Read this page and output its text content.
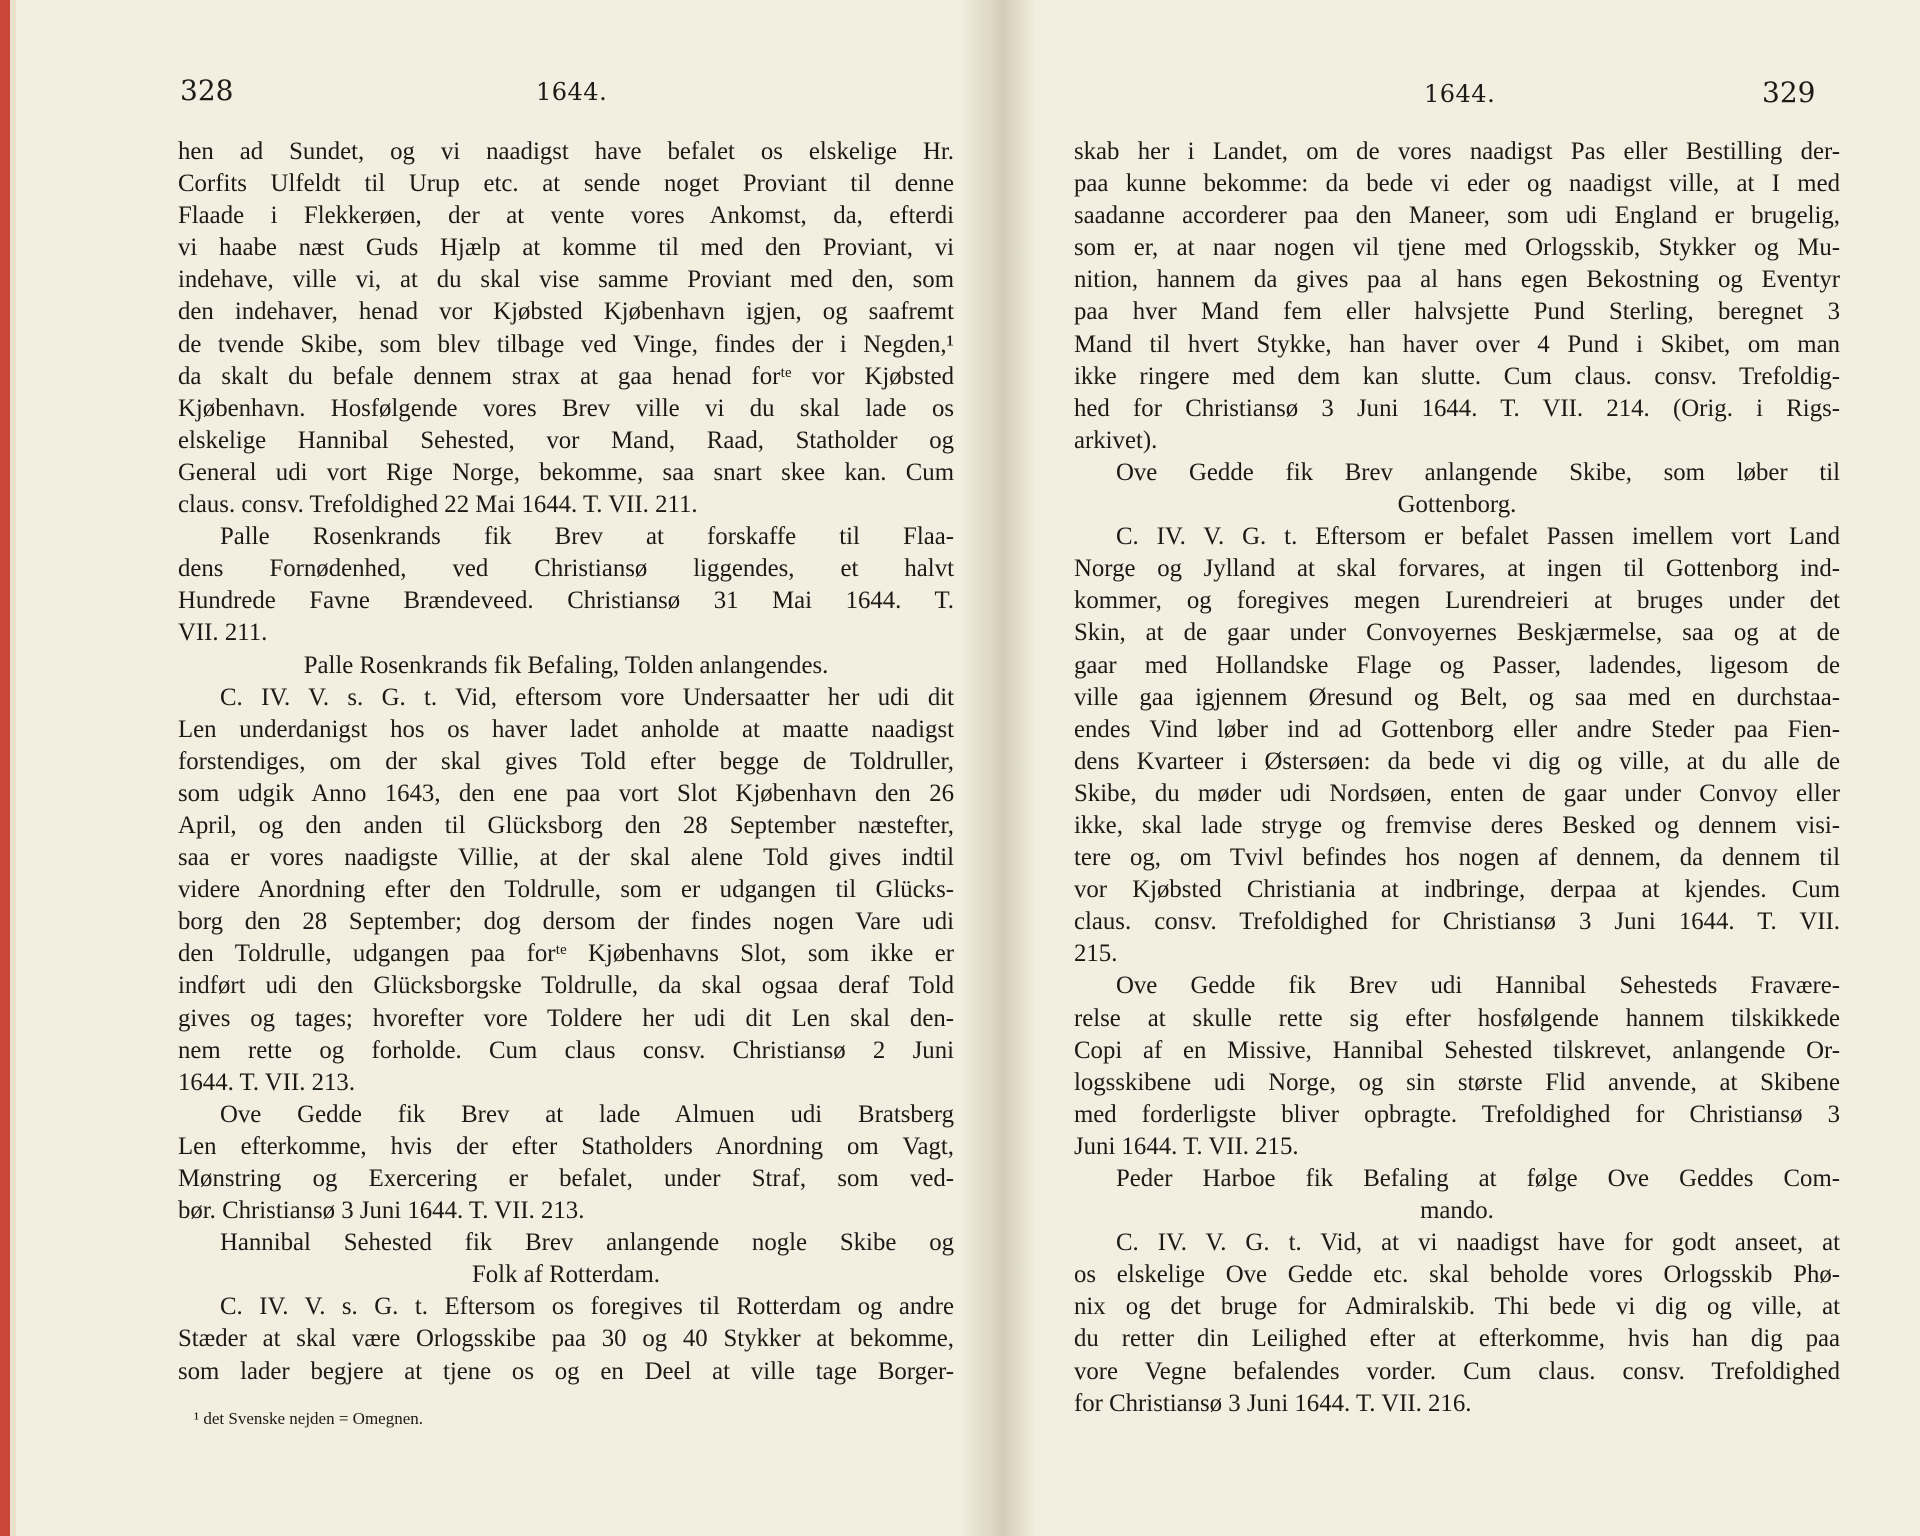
328	1644.
hen ad Sundet, og vi naadigst have befalet os elskelige Hr.
Corfits Ulfeldt til Urup etc. at sende noget Proviant til denne
Flaade i Flekkerøen, der at vente vores Ankomst, da, efterdi
vi haabe næst Guds Hjælp at komme til med den Proviant, vi
indehave, ville vi, at du skal vise samme Proviant med den, som
den indehaver, henad vor Kjøbsted Kjøbenhavn igjen, og saafremt
de tvende Skibe, som blev tilbage ved Vinge, findes der i Negden,¹
da skalt du befale dennem strax at gaa henad forᵗᵉ vor Kjøbsted
Kjøbenhavn. Hosfølgende vores Brev ville vi du skal lade os
elskelige Hannibal Sehested, vor Mand, Raad, Statholder og
General udi vort Rige Norge, bekomme, saa snart skee kan. Cum
claus. consv. Trefoldighed 22 Mai 1644. T. VII. 211.
Palle Rosenkrands fik Brev at forskaffe til Flaa-
dens Fornødenhed, ved Christiansø liggendes, et halvt
Hundrede Favne Brændeveed. Christiansø 31 Mai 1644. T.
VII. 211.
Palle Rosenkrands fik Befaling, Tolden anlangendes.
C. IV. V. s. G. t. Vid, eftersom vore Undersaatter her udi dit
Len underdanigst hos os haver ladet anholde at maatte naadigst
forstendiges, om der skal gives Told efter begge de Toldruller,
som udgik Anno 1643, den ene paa vort Slot Kjøbenhavn den 26
April, og den anden til Glücksborg den 28 September næstefter,
saa er vores naadigste Villie, at der skal alene Told gives indtil
videre Anordning efter den Toldrulle, som er udgangen til Glücks-
borg den 28 September; dog dersom der findes nogen Vare udi
den Toldrulle, udgangen paa forᵗᵉ Kjøbenhavns Slot, som ikke er
indført udi den Glücksborgske Toldrulle, da skal ogsaa deraf Told
gives og tages; hvorefter vore Toldere her udi dit Len skal den-
nem rette og forholde. Cum claus consv. Christiansø 2 Juni
1644. T. VII. 213.
Ove Gedde fik Brev at lade Almuen udi Bratsberg
Len efterkomme, hvis der efter Statholders Anordning om Vagt,
Mønstring og Exercering er befalet, under Straf, som ved-
bør. Christiansø 3 Juni 1644. T. VII. 213.
Hannibal Sehested fik Brev anlangende nogle Skibe og
Folk af Rotterdam.
C. IV. V. s. G. t. Eftersom os foregives til Rotterdam og andre
Stæder at skal være Orlogsskibe paa 30 og 40 Stykker at bekomme,
som lader begjere at tjene os og en Deel at ville tage Borger-
¹ det Svenske nejden = Omegnen.
1644.	329
skab her i Landet, om de vores naadigst Pas eller Bestilling der-
paa kunne bekomme: da bede vi eder og naadigst ville, at I med
saadanne accorderer paa den Maneer, som udi England er brugelig,
som er, at naar nogen vil tjene med Orlogsskib, Stykker og Mu-
nition, hannem da gives paa al hans egen Bekostning og Eventyr
paa hver Mand fem eller halvsjette Pund Sterling, beregnet 3
Mand til hvert Stykke, han haver over 4 Pund i Skibet, om man
ikke ringere med dem kan slutte. Cum claus. consv. Trefoldig-
hed for Christiansø 3 Juni 1644. T. VII. 214. (Orig. i Rigs-
arkivet).
Ove Gedde fik Brev anlangende Skibe, som løber til
Gottenborg.
C. IV. V. G. t. Eftersom er befalet Passen imellem vort Land
Norge og Jylland at skal forvares, at ingen til Gottenborg ind-
kommer, og foregives megen Lurendreieri at bruges under det
Skin, at de gaar under Convoyernes Beskjærmelse, saa og at de
gaar med Hollandske Flage og Passer, ladendes, ligesom de
ville gaa igjennem Øresund og Belt, og saa med en durchstaa-
endes Vind løber ind ad Gottenborg eller andre Steder paa Fien-
dens Kvarteer i Østersøen: da bede vi dig og ville, at du alle de
Skibe, du møder udi Nordsøen, enten de gaar under Convoy eller
ikke, skal lade stryge og fremvise deres Besked og dennem visi-
tere og, om Tvivl befindes hos nogen af dennem, da dennem til
vor Kjøbsted Christiania at indbringe, derpaa at kjendes. Cum
claus. consv. Trefoldighed for Christiansø 3 Juni 1644. T. VII.
215.
Ove Gedde fik Brev udi Hannibal Sehesteds Fravære-
relse at skulle rette sig efter hosfølgende hannem tilskikkede
Copi af en Missive, Hannibal Sehested tilskrevet, anlangende Or-
logsskibene udi Norge, og sin største Flid anvende, at Skibene
med forderligste bliver opbragte. Trefoldighed for Christiansø 3
Juni 1644. T. VII. 215.
Peder Harboe fik Befaling at følge Ove Geddes Com-
mando.
C. IV. V. G. t. Vid, at vi naadigst have for godt anseet, at
os elskelige Ove Gedde etc. skal beholde vores Orlogsskib Phø-
nix og det bruge for Admiralskib. Thi bede vi dig og ville, at
du retter din Leilighed efter at efterkomme, hvis han dig paa
vore Vegne befalendes vorder. Cum claus. consv. Trefoldighed
for Christiansø 3 Juni 1644. T. VII. 216.
